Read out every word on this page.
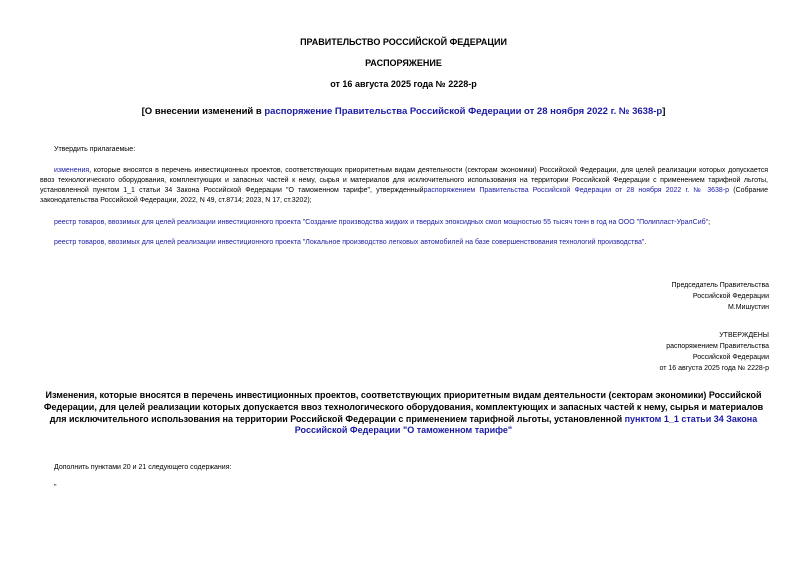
ПРАВИТЕЛЬСТВО РОССИЙСКОЙ ФЕДЕРАЦИИ
РАСПОРЯЖЕНИЕ
от 16 августа 2025 года № 2228-р
[О внесении изменений в распоряжение Правительства Российской Федерации от 28 ноября 2022 г. № 3638-р]
Утвердить прилагаемые:
изменения, которые вносятся в перечень инвестиционных проектов, соответствующих приоритетным видам деятельности (секторам экономики) Российской Федерации, для целей реализации которых допускается ввоз технологического оборудования, комплектующих и запасных частей к нему, сырья и материалов для исключительного использования на территории Российской Федерации с применением тарифной льготы, установленной пунктом 1_1 статьи 34 Закона Российской Федерации "О таможенном тарифе", утвержденныйраспоряжением Правительства Российской Федерации от 28 ноября 2022 г. № 3638-р (Собрание законодательства Российской Федерации, 2022, N 49, ст.8714; 2023, N 17, ст.3202);
реестр товаров, ввозимых для целей реализации инвестиционного проекта "Создание производства жидких и твердых эпоксидных смол мощностью 55 тысяч тонн в год на ООО "Полипласт-УралСиб";
реестр товаров, ввозимых для целей реализации инвестиционного проекта "Локальное производство легковых автомобилей на базе совершенствования технологий производства".
Председатель Правительства
Российской Федерации
М.Мишустин
УТВЕРЖДЕНЫ
распоряжением Правительства
Российской Федерации
от 16 августа 2025 года № 2228-р
Изменения, которые вносятся в перечень инвестиционных проектов, соответствующих приоритетным видам деятельности (секторам экономики) Российской Федерации, для целей реализации которых допускается ввоз технологического оборудования, комплектующих и запасных частей к нему, сырья и материалов для исключительного использования на территории Российской Федерации с применением тарифной льготы, установленной пунктом 1_1 статьи 34 Закона Российской Федерации "О таможенном тарифе"
Дополнить пунктами 20 и 21 следующего содержания:
"
